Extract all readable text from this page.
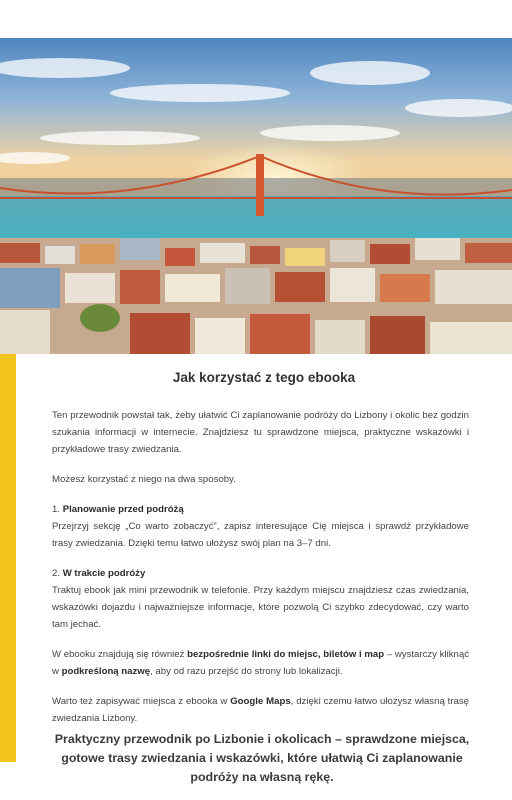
Jak korzystać z tego ebooka

Ten przewodnik powstał tak, żeby ułatwić Ci zaplanowanie podróży do Lizbony i okolic bez godzin szukania informacji w internecie. Znajdziesz tu sprawdzone miejsca, praktyczne wskazówki i przykładowe trasy zwiedzania.

Możesz korzystać z niego na dwa sposoby.

1. Planowanie przed podróżą

Przejrzyj sekcję „Co warto zobaczyć”, zapisz interesujące Cię miejsca i sprawdź przykładowe trasy zwiedzania. Dzięki temu łatwo ułożysz swój plan na 3–7 dni.

2. W trakcie podróży

Traktuj ebook jak mini przewodnik w telefonie. Przy każdym miejscu znajdziesz czas zwiedzania, wskazówki dojazdu i najważniejsze informacje, które pozwolą Ci szybko zdecydować, czy warto tam jechać.

W ebooku znajdują się również bezpośrednie linki do miejsc, biletów i map – wystarczy kliknąć w podkreśloną nazwę, aby od razu przejść do strony lub lokalizacji.

Warto też zapisywać miejsca z ebooka w Google Maps, dzięki czemu łatwo ułożysz własną trasę zwiedzania Lizbony.

Praktyczny przewodnik po Lizbonie i okolicach – sprawdzone miejsca, gotowe trasy zwiedzania i wskazówki, które ułatwią Ci zaplanowanie podróży na własną rękę.
